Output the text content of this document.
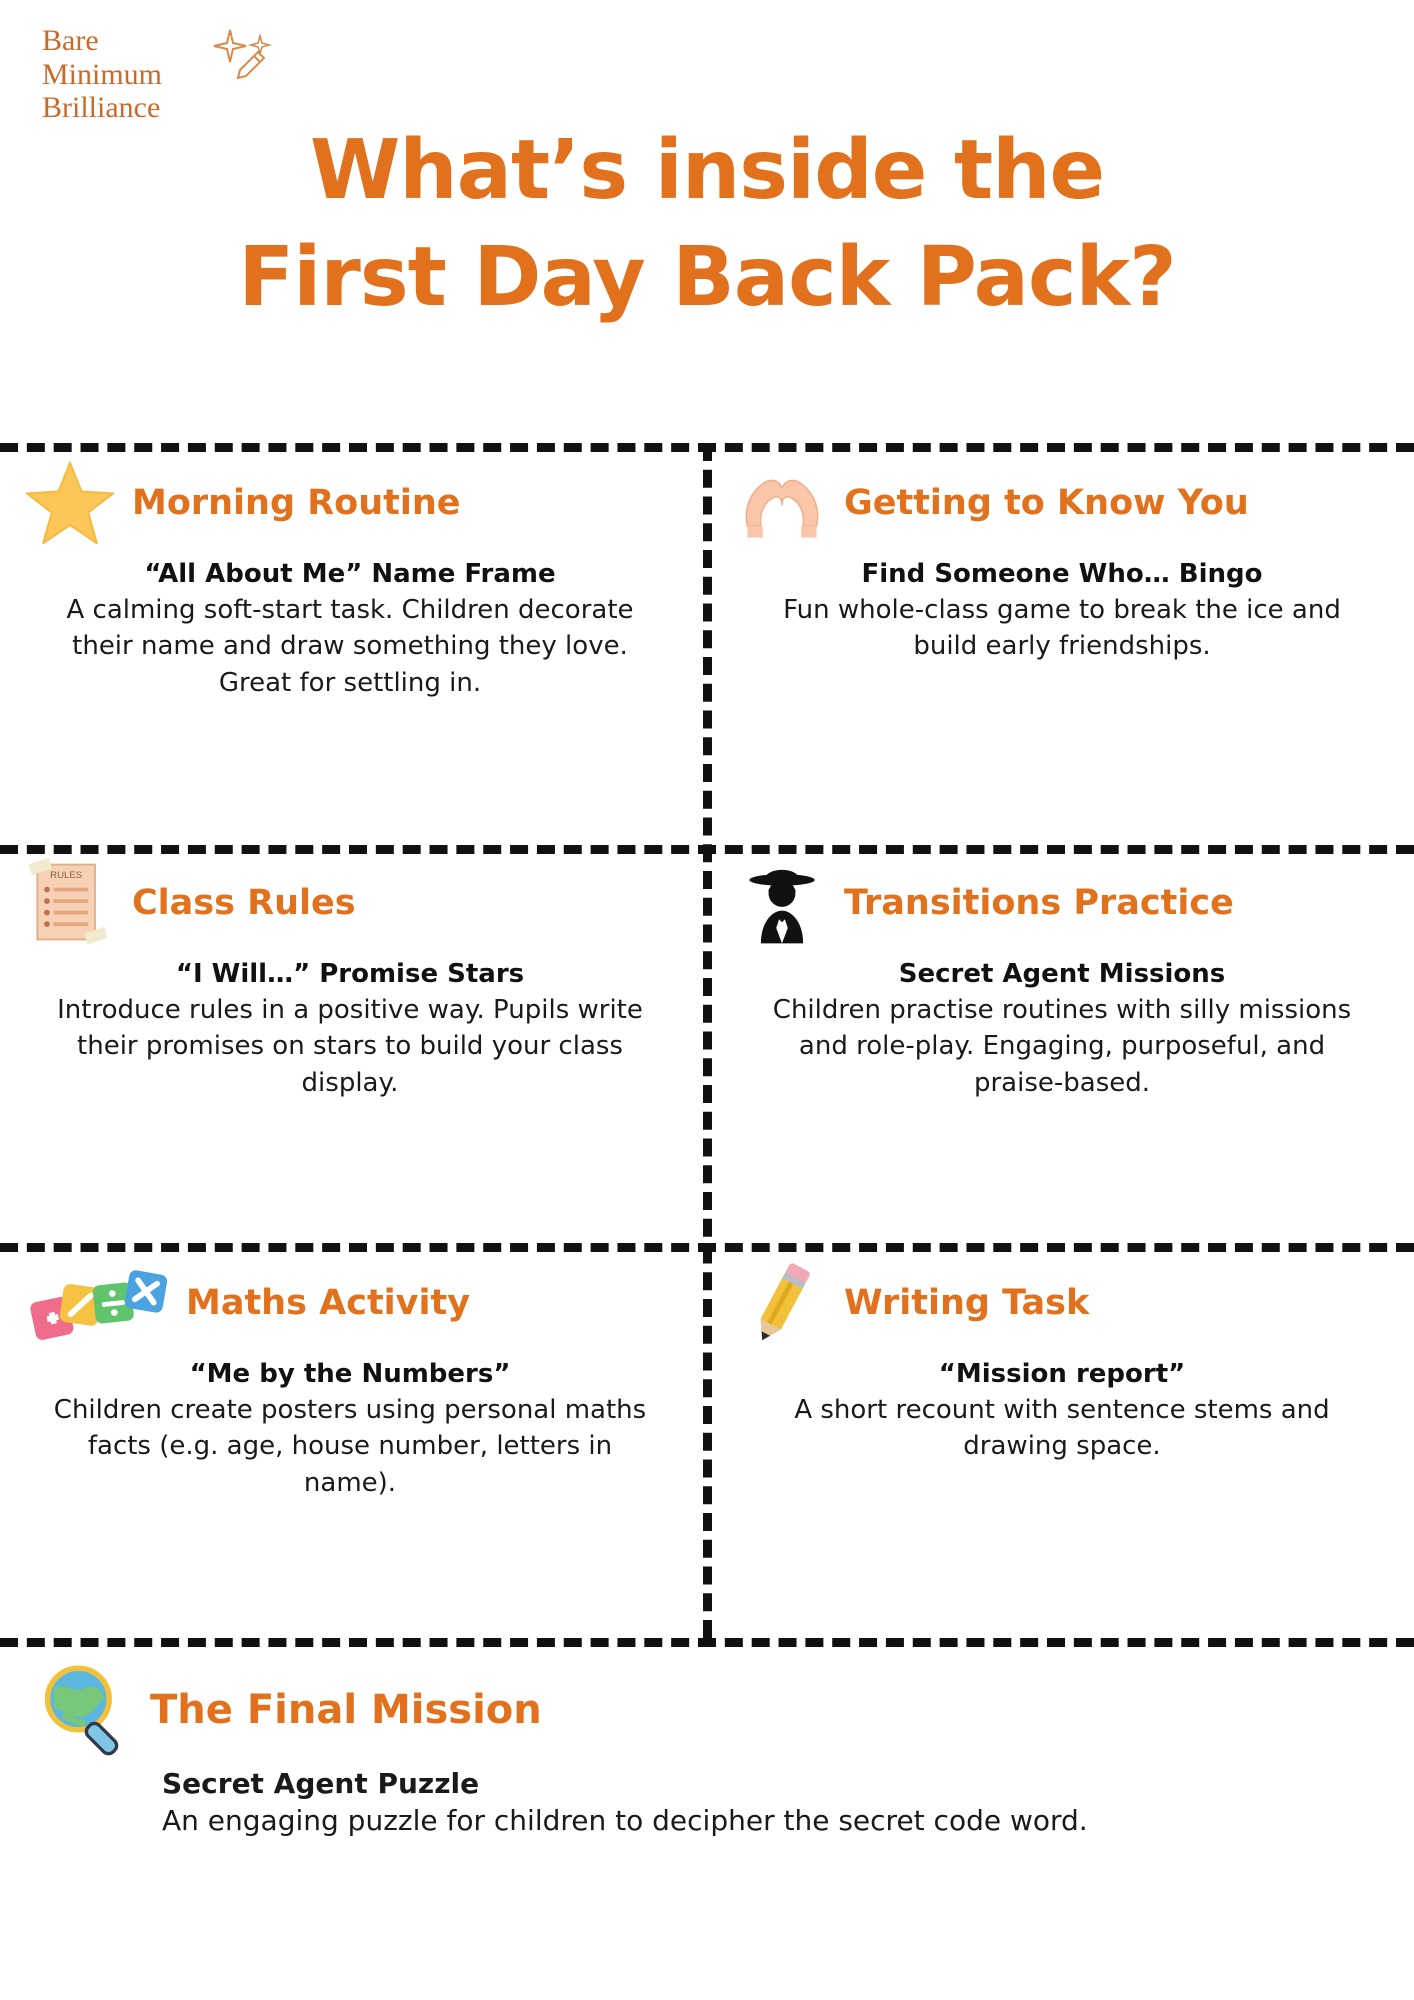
Bare
Minimum
Brilliance
What’s inside the
First Day Back Pack?
Morning Routine
“All About Me” Name Frame
A calming soft-start task. Children decorate their name and draw something they love. Great for settling in.
Getting to Know You
Find Someone Who… Bingo
Fun whole-class game to break the ice and build early friendships.
RULES
Class Rules
“I Will…” Promise Stars
Introduce rules in a positive way. Pupils write their promises on stars to build your class display.
Transitions Practice
Secret Agent Missions
Children practise routines with silly missions and role-play. Engaging, purposeful, and praise-based.
Maths Activity
“Me by the Numbers”
Children create posters using personal maths facts (e.g. age, house number, letters in name).
Writing Task
“Mission report”
A short recount with sentence stems and drawing space.
The Final Mission
Secret Agent Puzzle
An engaging puzzle for children to decipher the secret code word.
